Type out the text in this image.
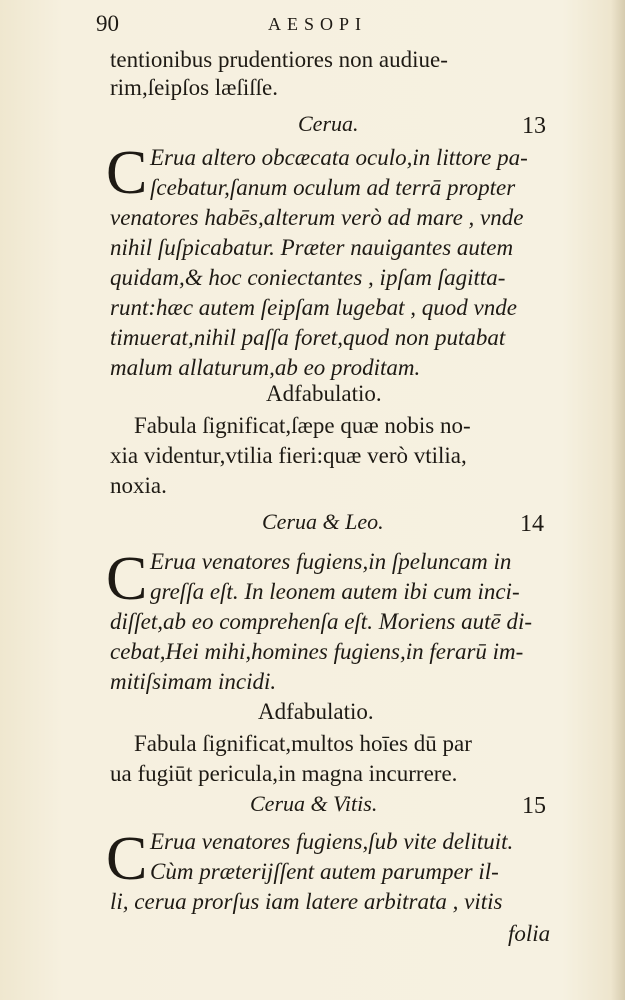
90	AESOPI
tentionibus prudentiores non audiue-
rim,ſeipſos læſiſſe.
Cerua.	13
C Erua altero obcæcata oculo,in littore pa-
ſcebatur,ſanum oculum ad terrā propter
venatores habēs,alterum verò ad mare , vnde
nihil ſuſpicabatur. Præter nauigantes autem
quidam,& hoc coniectantes , ipſam ſagitta-
runt:hæc autem ſeipſam lugebat , quod vnde
timuerat,nihil paſſa foret,quod non putabat
malum allaturum,ab eo proditam.
Adfabulatio.
Fabula ſignificat,ſæpe quæ nobis no-
xia videntur,vtilia fieri:quæ verò vtilia,
noxia.
Cerua & Leo.	14
C Erua venatores fugiens,in ſpeluncam in
greſſa eſt. In leonem autem ibi cum inci-
diſſet,ab eo comprehenſa eſt. Moriens autē di-
cebat,Hei mihi,homines fugiens,in ferarū im-
mitiſsimam incidi.
Adfabulatio.
Fabula ſignificat,multos hoīes dū par
ua fugiūt pericula,in magna incurrere.
Cerua & Vitis.	15
C Erua venatores fugiens,ſub vite delituit.
Cùm præterijſſent autem parumper il-
li, cerua prorſus iam latere arbitrata , vitis
folia
